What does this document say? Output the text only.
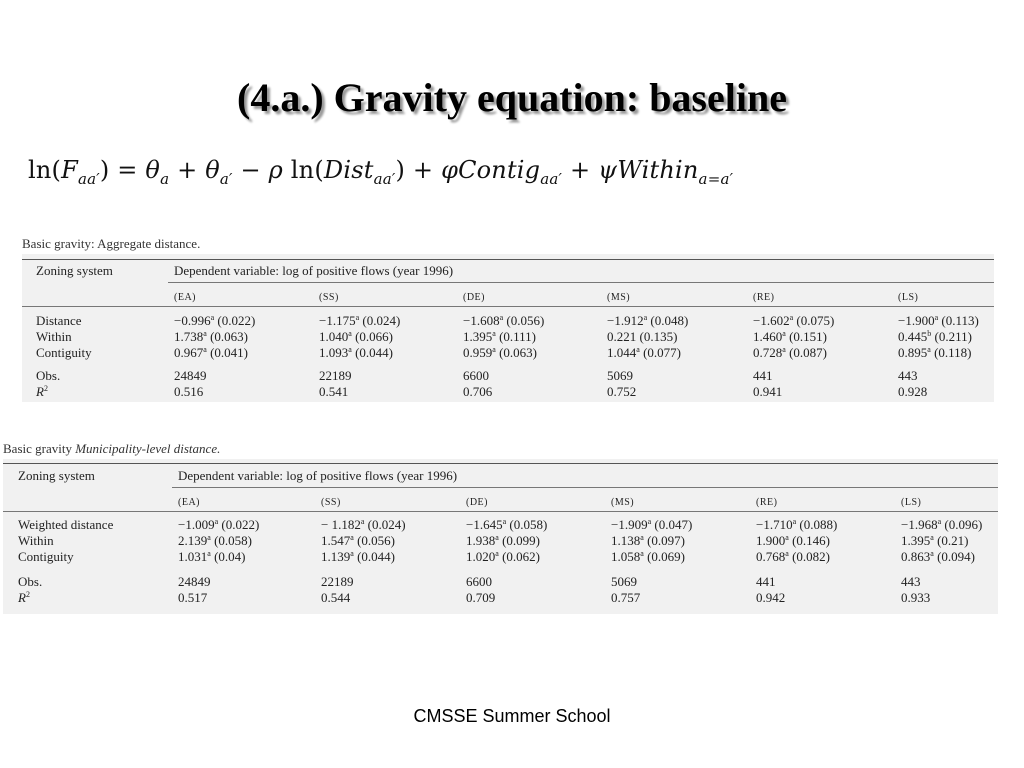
(4.a.) Gravity equation: baseline
$\ln(F_{aa'}) = \theta_a + \theta_{a'} - \rho$ ln(Dist$_{aa'}$) + φContig$_{aa'}$ + ψWithin$_{a=a'}$
Basic gravity: Aggregate distance.
Zoning system	Dependent variable: log of positive flows (year 1996)
(EA)	(SS)	(DE)	(MS)	(RE)	(LS)
Distance	−0.996$^a$ (0.022)	−1.175$^a$ (0.024)	−1.608$^a$ (0.056)	−1.912$^a$ (0.048)	−1.602$^a$ (0.075)	−1.900$^a$ (0.113)
Within	1.738$^a$ (0.063)	1.040$^a$ (0.066)	1.395$^a$ (0.111)	0.221 (0.135)	1.460$^a$ (0.151)	0.445$^b$ (0.211)
Contiguity	0.967$^a$ (0.041)	1.093$^a$ (0.044)	0.959$^a$ (0.063)	1.044$^a$ (0.077)	0.728$^a$ (0.087)	0.895$^a$ (0.118)
Obs.	24849	22189	6600	5069	441	443
$R^2$	0.516	0.541	0.706	0.752	0.941	0.928
Basic gravity Municipality-level distance.
Zoning system	Dependent variable: log of positive flows (year 1996)
(EA)	(SS)	(DE)	(MS)	(RE)	(LS)
Weighted distance	−1.009$^a$ (0.022)	− 1.182$^a$ (0.024)	−1.645$^a$ (0.058)	−1.909$^a$ (0.047)	−1.710$^a$ (0.088)	−1.968$^a$ (0.096)
Within	2.139$^a$ (0.058)	1.547$^a$ (0.056)	1.938$^a$ (0.099)	1.138$^a$ (0.097)	1.900$^a$ (0.146)	1.395$^a$ (0.21)
Contiguity	1.031$^a$ (0.04)	1.139$^a$ (0.044)	1.020$^a$ (0.062)	1.058$^a$ (0.069)	0.768$^a$ (0.082)	0.863$^a$ (0.094)
Obs.	24849	22189	6600	5069	441	443
$R^2$	0.517	0.544	0.709	0.757	0.942	0.933
CMSSE Summer School
